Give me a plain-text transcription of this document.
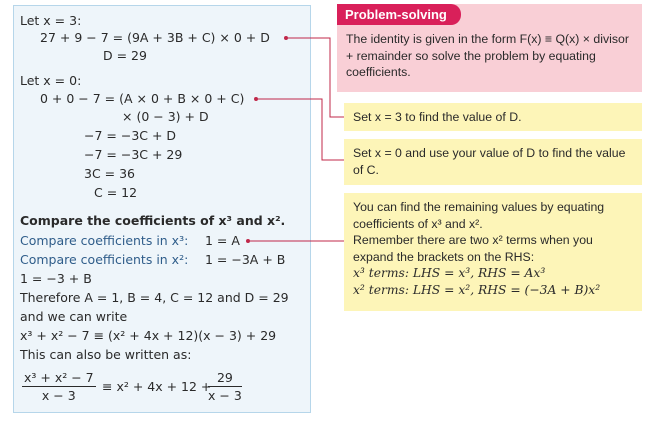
Let x = 3:
27 + 9 − 7 = (9A + 3B + C) × 0 + D
D = 29
Let x = 0:
0 + 0 − 7 = (A × 0 + B × 0 + C)
× (0 − 3) + D
−7 = −3C + D
−7 = −3C + 29
3C = 36
C = 12
Compare the coefficients of x³ and x².
Compare coefficients in x³: 1 = A
Compare coefficients in x²: 1 = −3A + B
1 = −3 + B
Therefore A = 1, B = 4, C = 12 and D = 29
and we can write
x³ + x² − 7 ≡ (x² + 4x + 12)(x − 3) + 29
This can also be written as:
$\frac{\text{x³ + x² − 7}}{x - 3} \equiv x^2 + 4x + 12$ +
$\frac{29}{x - 3}$
The identity is given in the form F(x) ≡ Q(x) × divisor + remainder so solve the problem by equating coefficients.
Problem-solving
Set x = 3 to find the value of D.
Set x = 0 and use your value of D to find the value of C.
You can find the remaining values by equating coefficients of x³ and x².
Remember there are two x² terms when you expand the brackets on the RHS:
x³ terms: LHS = x³, RHS = Ax³
x² terms: LHS = x², RHS = (−3A + B)x²
